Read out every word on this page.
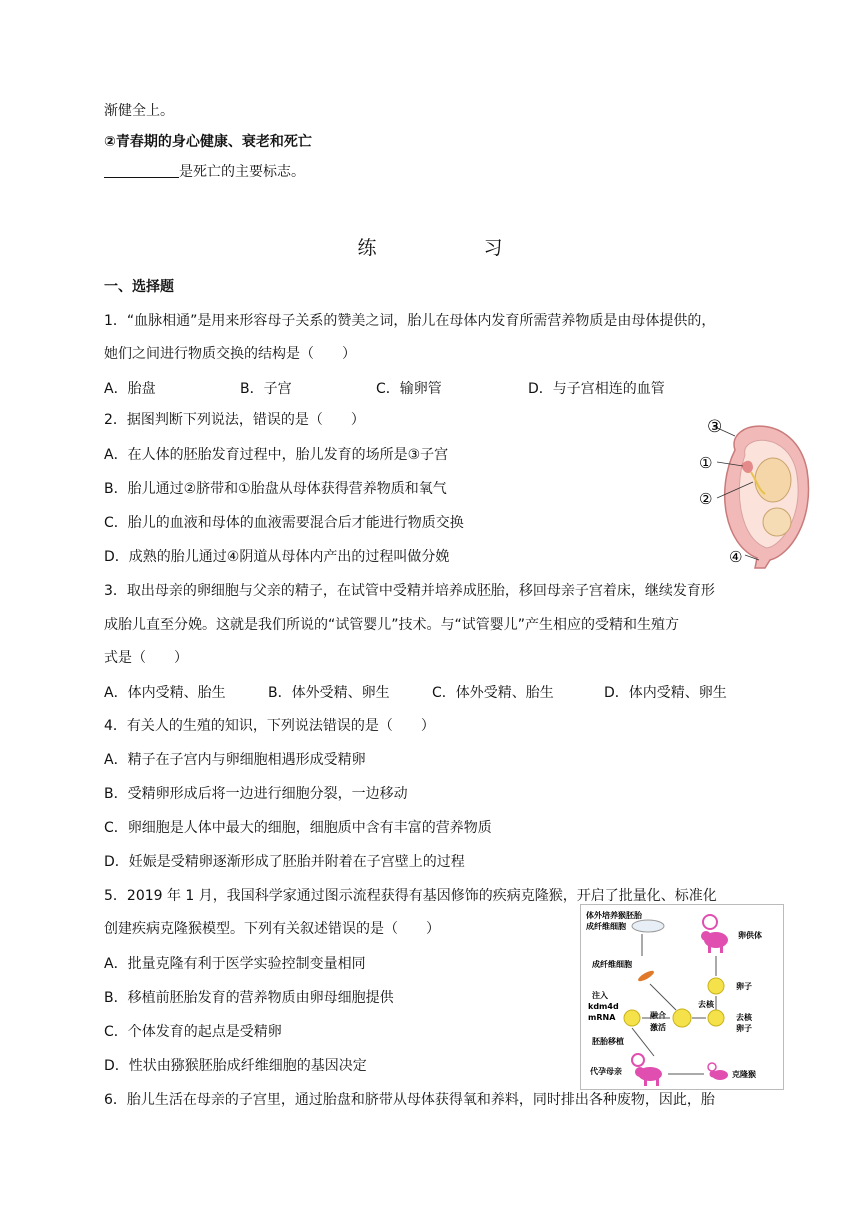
渐健全上。
②青春期的身心健康、衰老和死亡
是死亡的主要标志。
练　习
一、选择题
1．“血脉相通”是用来形容母子关系的赞美之词，胎儿在母体内发育所需营养物质是由母体提供的，
她们之间进行物质交换的结构是（　　）
A．胎盘	B．子宫	C．输卵管	D．与子宫相连的血管
2．据图判断下列说法，错误的是（　　）
A．在人体的胚胎发育过程中，胎儿发育的场所是③子宫
B．胎儿通过②脐带和①胎盘从母体获得营养物质和氧气
C．胎儿的血液和母体的血液需要混合后才能进行物质交换
D．成熟的胎儿通过④阴道从母体内产出的过程叫做分娩
③
①
②
④
3．取出母亲的卵细胞与父亲的精子，在试管中受精并培养成胚胎，移回母亲子宫着床，继续发育形
成胎儿直至分娩。这就是我们所说的“试管婴儿”技术。与“试管婴儿”产生相应的受精和生殖方
式是（　　）
A．体内受精、胎生	B．体外受精、卵生	C．体外受精、胎生	D．体内受精、卵生
4．有关人的生殖的知识，下列说法错误的是（　　）
A．精子在子宫内与卵细胞相遇形成受精卵
B．受精卵形成后将一边进行细胞分裂，一边移动
C．卵细胞是人体中最大的细胞，细胞质中含有丰富的营养物质
D．妊娠是受精卵逐渐形成了胚胎并附着在子宫壁上的过程
5．2019 年 1 月，我国科学家通过图示流程获得有基因修饰的疾病克隆猴，开启了批量化、标准化
创建疾病克隆猴模型。下列有关叙述错误的是（　　）
A．批量克隆有利于医学实验控制变量相同
B．移植前胚胎发育的营养物质由卵母细胞提供
C．个体发育的起点是受精卵
D．性状由猕猴胚胎成纤维细胞的基因决定
体外培养猴胚胎
成纤维细胞
卵供体
成纤维细胞
卵子
去核
去核
卵子
融合
激活
注入
kdm4d
mRNA
胚胎移植
代孕母亲	克隆猴
6．胎儿生活在母亲的子宫里，通过胎盘和脐带从母体获得氧和养料，同时排出各种废物，因此，胎
